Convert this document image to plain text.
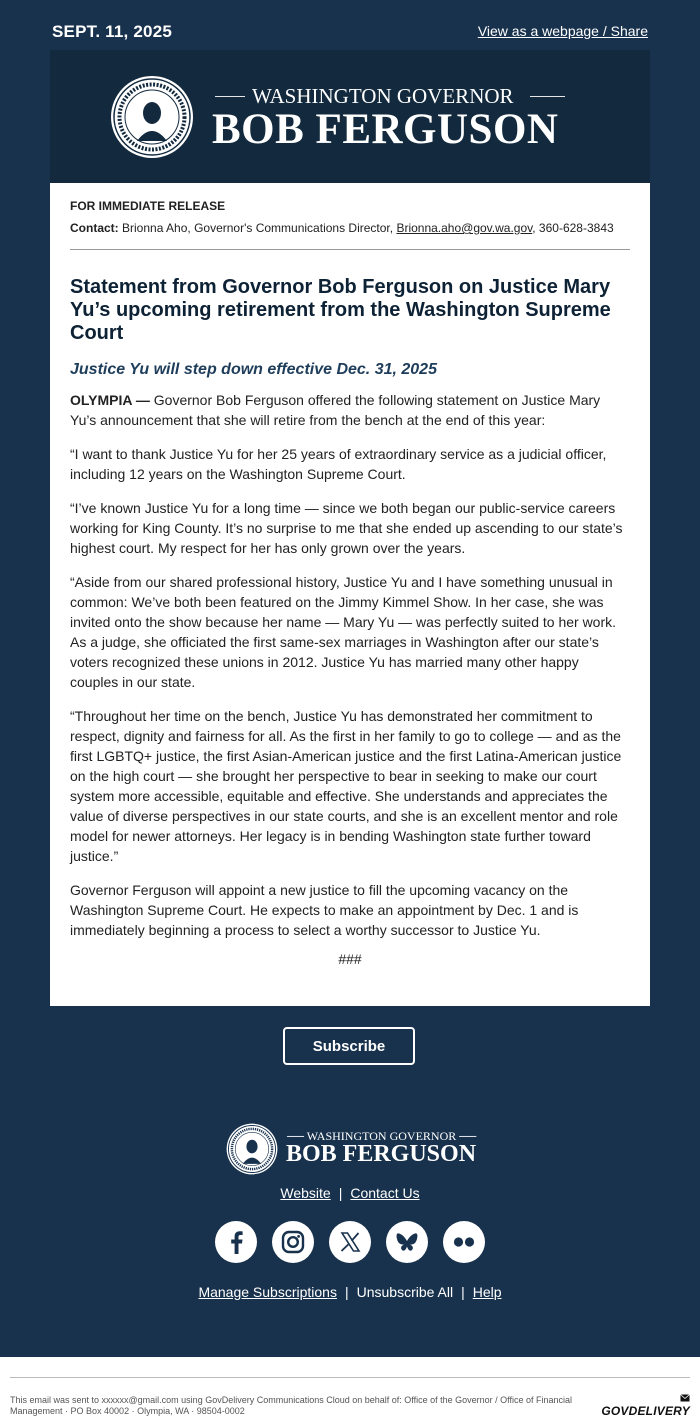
SEPT. 11, 2025	View as a webpage / Share
WASHINGTON GOVERNOR
BOB FERGUSON
FOR IMMEDIATE RELEASE
Contact: Brionna Aho, Governor's Communications Director, Brionna.aho@gov.wa.gov, 360-628-3843
Statement from Governor Bob Ferguson on Justice Mary Yu’s upcoming retirement from the Washington Supreme Court
Justice Yu will step down effective Dec. 31, 2025

OLYMPIA — Governor Bob Ferguson offered the following statement on Justice Mary Yu’s announcement that she will retire from the bench at the end of this year:

“I want to thank Justice Yu for her 25 years of extraordinary service as a judicial officer, including 12 years on the Washington Supreme Court.

“I’ve known Justice Yu for a long time — since we both began our public-service careers working for King County. It’s no surprise to me that she ended up ascending to our state’s highest court. My respect for her has only grown over the years.

“Aside from our shared professional history, Justice Yu and I have something unusual in common: We’ve both been featured on the Jimmy Kimmel Show. In her case, she was invited onto the show because her name — Mary Yu — was perfectly suited to her work. As a judge, she officiated the first same-sex marriages in Washington after our state’s voters recognized these unions in 2012. Justice Yu has married many other happy couples in our state.

“Throughout her time on the bench, Justice Yu has demonstrated her commitment to respect, dignity and fairness for all. As the first in her family to go to college — and as the first LGBTQ+ justice, the first Asian-American justice and the first Latina-American justice on the high court — she brought her perspective to bear in seeking to make our court system more accessible, equitable and effective. She understands and appreciates the value of diverse perspectives in our state courts, and she is an excellent mentor and role model for newer attorneys. Her legacy is in bending Washington state further toward justice.”

Governor Ferguson will appoint a new justice to fill the upcoming vacancy on the Washington Supreme Court. He expects to make an appointment by Dec. 1 and is immediately beginning a process to select a worthy successor to Justice Yu.

###
Subscribe
── WASHINGTON GOVERNOR ──
BOB FERGUSON
Website | Contact Us
Manage Subscriptions | Unsubscribe All | Help
This email was sent to xxxxxx@gmail.com using GovDelivery Communications Cloud on behalf of: Office of the Governor / Office of Financial Management · PO Box 40002 · Olympia, WA · 98504-0002	GOVDELIVERY
